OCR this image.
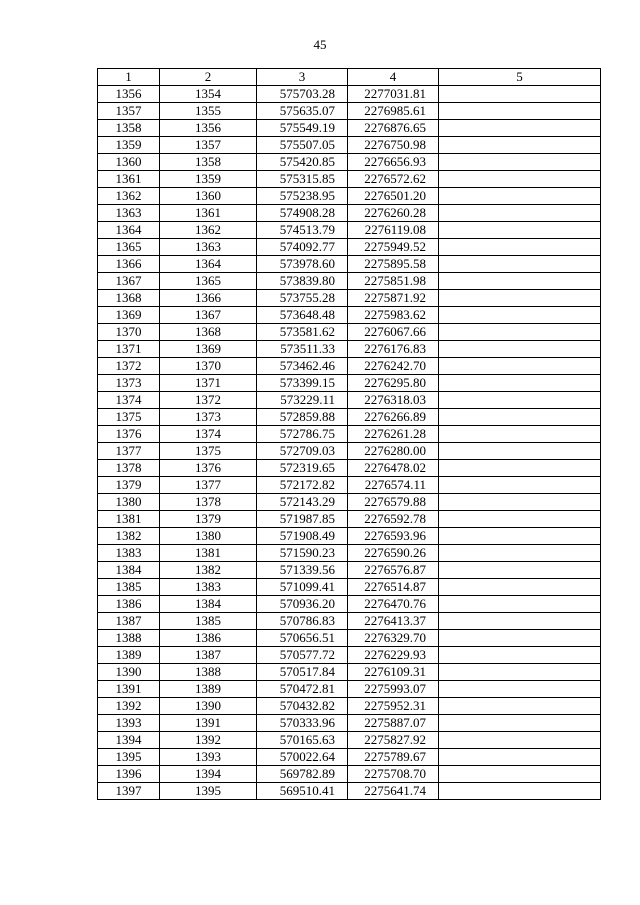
45
1	2	3	4	5
1356	1354	575703.28	2277031.81	
1357	1355	575635.07	2276985.61	
1358	1356	575549.19	2276876.65	
1359	1357	575507.05	2276750.98	
1360	1358	575420.85	2276656.93	
1361	1359	575315.85	2276572.62	
1362	1360	575238.95	2276501.20	
1363	1361	574908.28	2276260.28	
1364	1362	574513.79	2276119.08	
1365	1363	574092.77	2275949.52	
1366	1364	573978.60	2275895.58	
1367	1365	573839.80	2275851.98	
1368	1366	573755.28	2275871.92	
1369	1367	573648.48	2275983.62	
1370	1368	573581.62	2276067.66	
1371	1369	573511.33	2276176.83	
1372	1370	573462.46	2276242.70	
1373	1371	573399.15	2276295.80	
1374	1372	573229.11	2276318.03	
1375	1373	572859.88	2276266.89	
1376	1374	572786.75	2276261.28	
1377	1375	572709.03	2276280.00	
1378	1376	572319.65	2276478.02	
1379	1377	572172.82	2276574.11	
1380	1378	572143.29	2276579.88	
1381	1379	571987.85	2276592.78	
1382	1380	571908.49	2276593.96	
1383	1381	571590.23	2276590.26	
1384	1382	571339.56	2276576.87	
1385	1383	571099.41	2276514.87	
1386	1384	570936.20	2276470.76	
1387	1385	570786.83	2276413.37	
1388	1386	570656.51	2276329.70	
1389	1387	570577.72	2276229.93	
1390	1388	570517.84	2276109.31	
1391	1389	570472.81	2275993.07	
1392	1390	570432.82	2275952.31	
1393	1391	570333.96	2275887.07	
1394	1392	570165.63	2275827.92	
1395	1393	570022.64	2275789.67	
1396	1394	569782.89	2275708.70	
1397	1395	569510.41	2275641.74	
